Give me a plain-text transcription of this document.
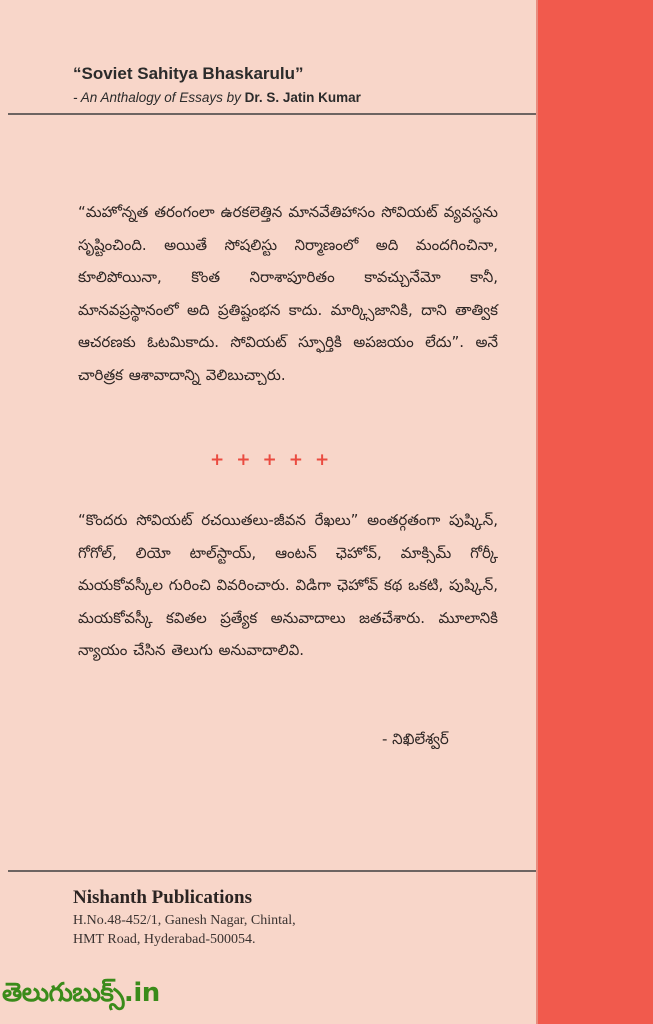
“Soviet Sahitya Bhaskarulu”
- An Anthalogy of Essays by Dr. S. Jatin Kumar
“మహోన్నత తరంగంలా ఉరకలెత్తిన మానవేతిహాసం సోవియట్ వ్యవస్థను సృష్టించింది. అయితే సోషలిస్టు నిర్మాణంలో అది మందగించినా, కూలిపోయినా, కొంత నిరాశాపూరితం కావచ్చునేమో కానీ, మానవప్రస్థానంలో అది ప్రతిష్టంభన కాదు. మార్క్సిజానికి, దాని తాత్విక ఆచరణకు ఓటమికాదు. సోవియట్ స్ఫూర్తికి అపజయం లేదు”. అనే చారిత్రక ఆశావాదాన్ని వెలిబుచ్చారు.
+ + + + +
“కొందరు సోవియట్ రచయితలు-జీవన రేఖలు” అంతర్గతంగా పుష్కిన్, గోగోల్, లియో టాల్‌స్టాయ్, ఆంటన్ ఛెహోవ్, మాక్సిమ్ గోర్కీ మయకోవస్కీల గురించి వివరించారు. విడిగా ఛెహోవ్ కథ ఒకటి, పుష్కిన్, మయకోవస్కీ కవితల ప్రత్యేక అనువాదాలు జతచేశారు. మూలానికి న్యాయం చేసిన తెలుగు అనువాదాలివి.
- నిఖిలేశ్వర్
Nishanth Publications
H.No.48-452/1, Ganesh Nagar, Chintal,
HMT Road, Hyderabad-500054.
తెలుగుబుక్స్.in
